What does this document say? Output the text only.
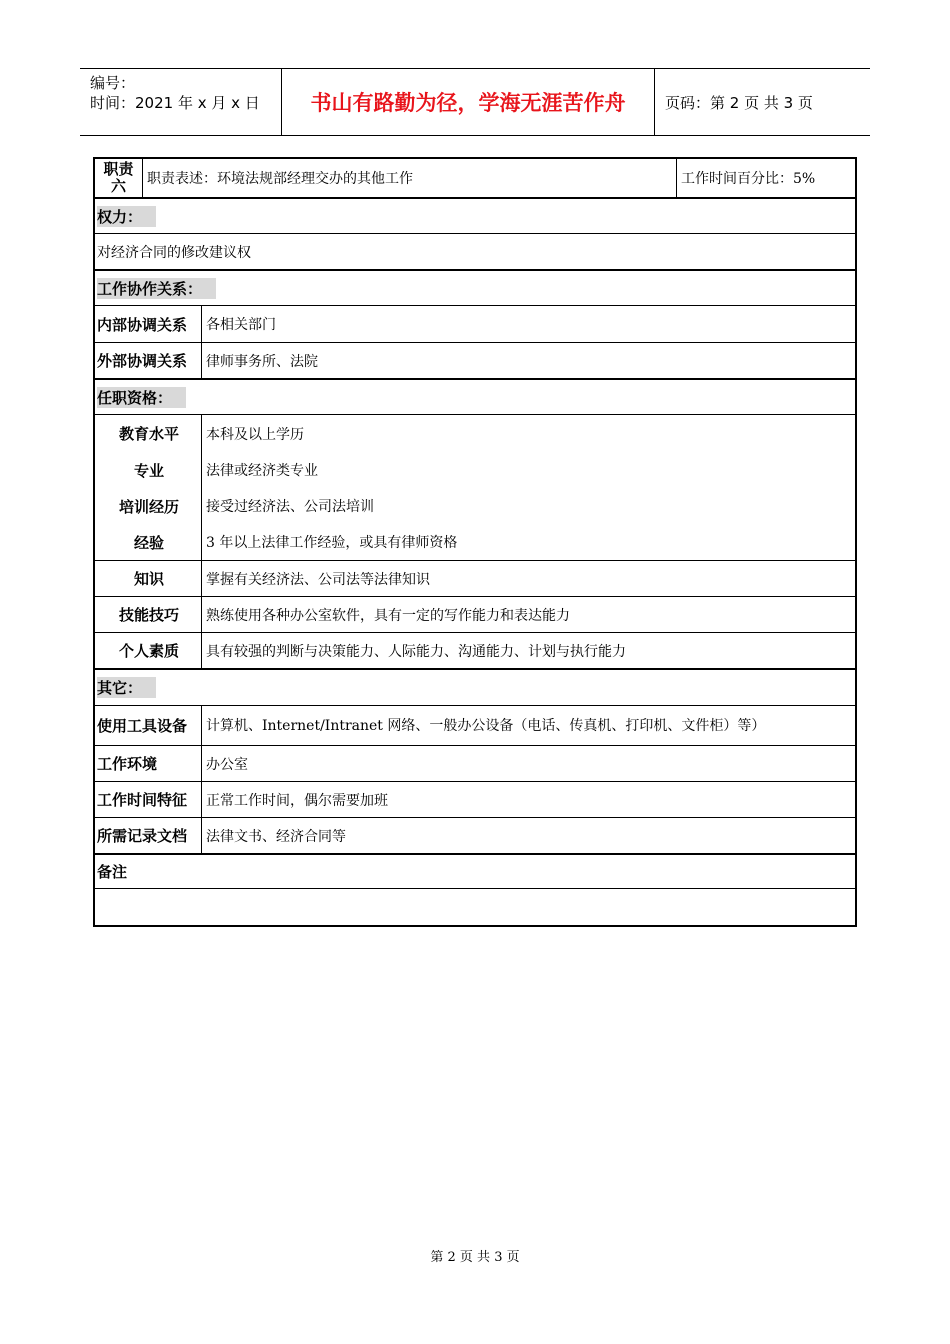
编号：
时间：2021 年 x 月 x 日	书山有路勤为径，学海无涯苦作舟	页码：第 2 页 共 3 页
职责六	职责表述：环境法规部经理交办的其他工作	工作时间百分比：5%
权力：
对经济合同的修改建议权
工作协作关系：
内部协调关系	各相关部门
外部协调关系	律师事务所、法院
任职资格：
教育水平	本科及以上学历
专业	法律或经济类专业
培训经历	接受过经济法、公司法培训
经验	3 年以上法律工作经验，或具有律师资格
知识	掌握有关经济法、公司法等法律知识
技能技巧	熟练使用各种办公室软件，具有一定的写作能力和表达能力
个人素质	具有较强的判断与决策能力、人际能力、沟通能力、计划与执行能力
其它：
使用工具设备	计算机、Internet/Intranet 网络、一般办公设备（电话、传真机、打印机、文件柜）等）
工作环境	办公室
工作时间特征	正常工作时间，偶尔需要加班
所需记录文档	法律文书、经济合同等
备注
第 2 页 共 3 页
